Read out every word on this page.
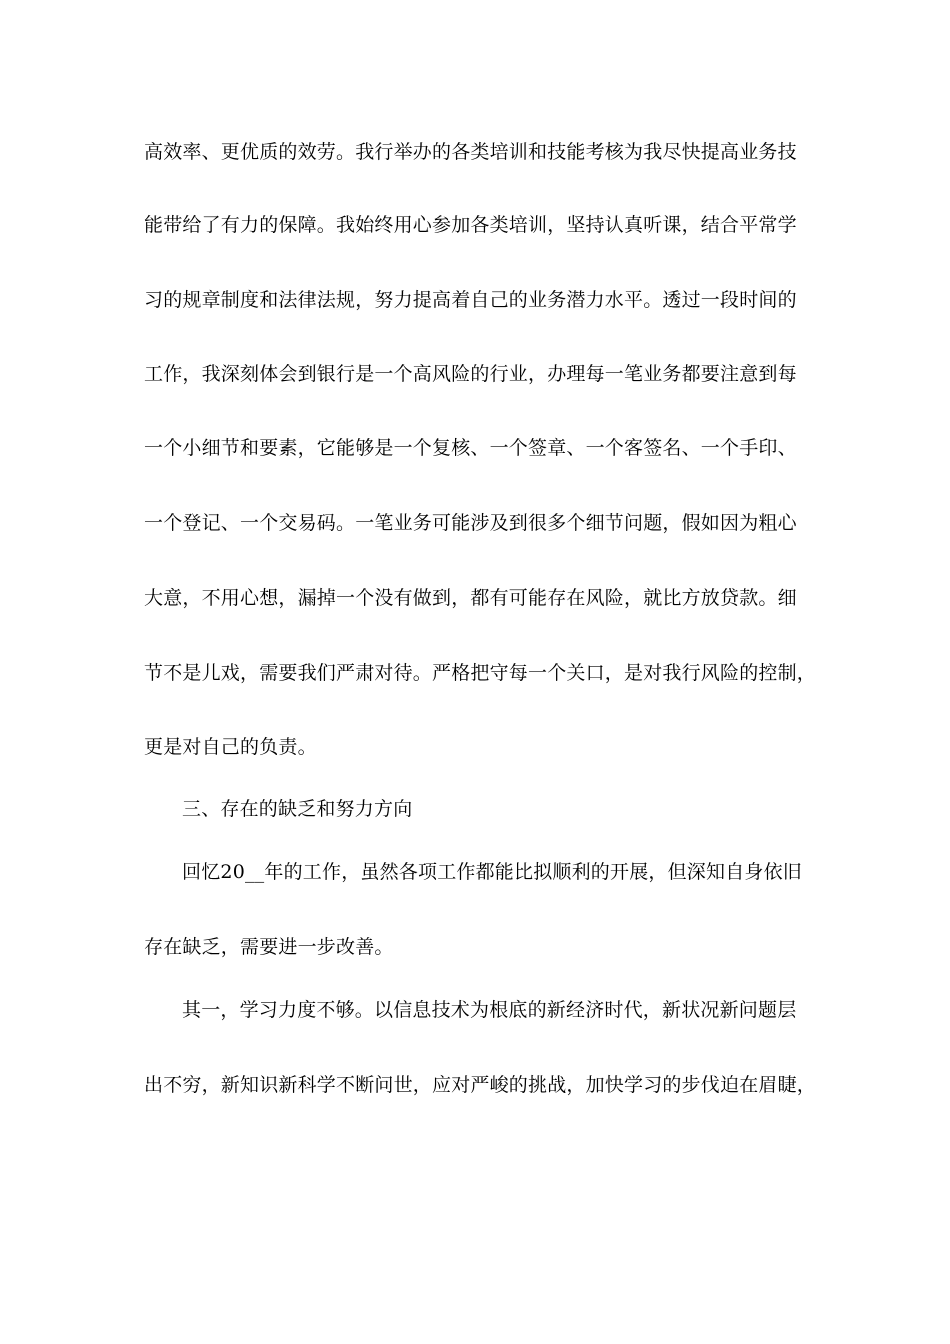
高效率、更优质的效劳。我行举办的各类培训和技能考核为我尽快提高业务技
能带给了有力的保障。我始终用心参加各类培训，坚持认真听课，结合平常学
习的规章制度和法律法规，努力提高着自己的业务潜力水平。透过一段时间的
工作，我深刻体会到银行是一个高风险的行业，办理每一笔业务都要注意到每
一个小细节和要素，它能够是一个复核、一个签章、一个客签名、一个手印、
一个登记、一个交易码。一笔业务可能涉及到很多个细节问题，假如因为粗心
大意，不用心想，漏掉一个没有做到，都有可能存在风险，就比方放贷款。细
节不是儿戏，需要我们严肃对待。严格把守每一个关口，是对我行风险的控制，
更是对自己的负责。
三、存在的缺乏和努力方向
回忆20__年的工作，虽然各项工作都能比拟顺利的开展，但深知自身依旧
存在缺乏，需要进一步改善。
其一，学习力度不够。以信息技术为根底的新经济时代，新状况新问题层
出不穷，新知识新科学不断问世，应对严峻的挑战，加快学习的步伐迫在眉睫，
